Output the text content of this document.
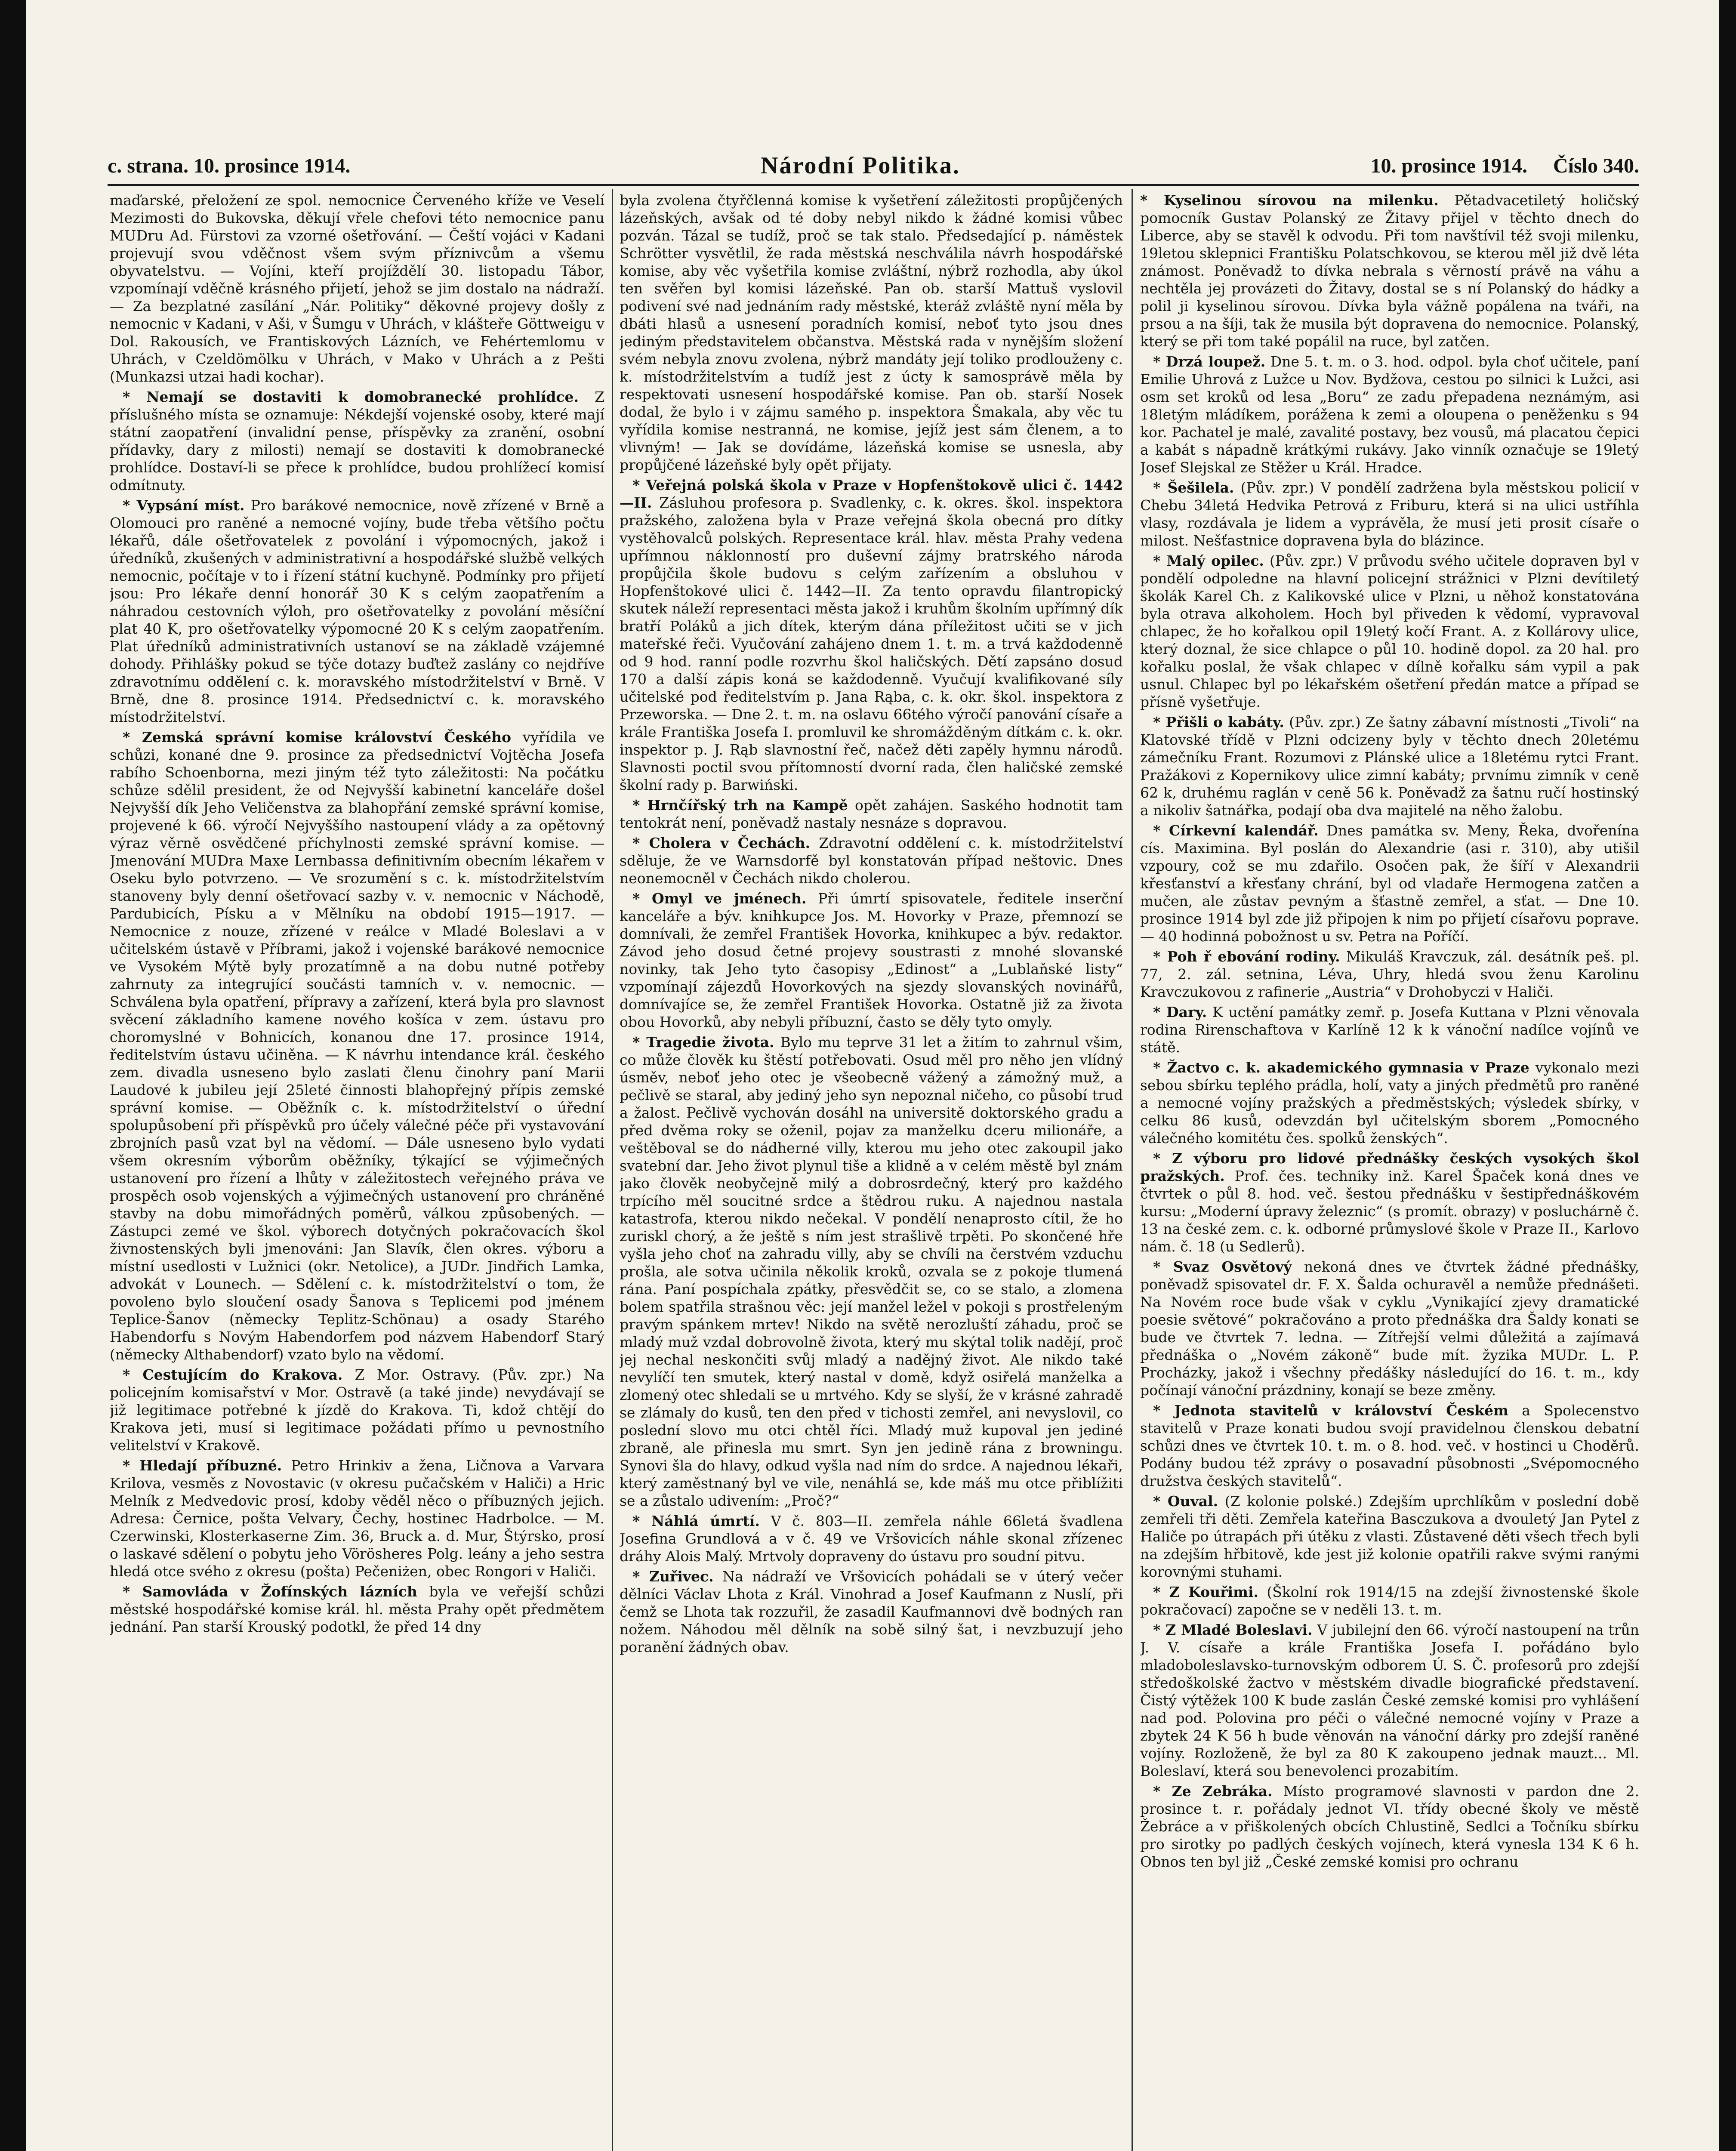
c. strana. 10. prosince 1914.	Národní Politika.	10. prosince 1914. Číslo 340.

maďarské, přeložení ze spol. nemocnice Červeného kříže ve Veselí Mezimosti do Bukovska, děkují vřele chefovi této nemocnice panu MUDru Ad. Fürstovi za vzorné ošetřování. — Čeští vojáci v Kadani projevují svou vděčnost všem svým příznivcům a všemu obyvatelstvu. — Vojíni, kteří projíždělí 30. listopadu Tábor, vzpomínají vděčně krásného přijetí, jehož se jim dostalo na nádraží. — Za bezplatné zasílání „Nár. Politiky“ děkovné projevy došly z nemocnic v Kadani, v Aši, v Šumgu v Uhrách, v klášteře Göttweigu v Dol. Rakousích, ve Frantiskových Lázních, ve Fehértemlomu v Uhrách, v Czeldömölku v Uhrách, v Mako v Uhrách a z Pešti (Munkazsi utzai hadi kochar).

* Nemají se dostaviti k domobranecké prohlídce. Z příslušného místa se oznamuje: Nékdejší vojenské osoby, které mají státní zaopatření (invalidní pense, příspěvky za zranění, osobní přídavky, dary z milosti) nemají se dostaviti k domobranecké prohlídce. Dostaví-li se přece k prohlídce, budou prohlížecí komisí odmítnuty.

* Vypsání míst. Pro barákové nemocnice, nově zřízené v Brně a Olomouci pro raněné a nemocné vojíny, bude třeba většího počtu lékařů, dále ošetřovatelek z povolání i výpomocných, jakož i úředníků, zkušených v administrativní a hospodářské službě velkých nemocnic, počítaje v to i řízení státní kuchyně. Podmínky pro přijetí jsou: Pro lékaře denní honorář 30 K s celým zaopatřením a náhradou cestovních výloh, pro ošetřovatelky z povolání měsíční plat 40 K, pro ošetřovatelky výpomocné 20 K s celým zaopatřením. Plat úředníků administrativních ustanoví se na základě vzájemné dohody. Přihlášky pokud se týče dotazy buďtež zaslány co nejdříve zdravotnímu oddělení c. k. moravského místodržitelství v Brně. V Brně, dne 8. prosince 1914. Předsednictví c. k. moravského místodržitelství.

* Zemská správní komise království Českého vyřídila ve schůzi, konané dne 9. prosince za předsednictví Vojtěcha Josefa rabího Schoenborna, mezi jiným též tyto záležitosti: Na počátku schůze sdělil president, že od Nejvyšší kabinetní kanceláře došel Nejvyšší dík Jeho Veličenstva za blahopřání zemské správní komise, projevené k 66. výročí Nejvyššího nastoupení vlády a za opětovný výraz věrně osvědčené příchylnosti zemské správní komise. — Jmenování MUDra Maxe Lernbassa definitivním obecním lékařem v Oseku bylo potvrzeno. — Ve srozumění s c. k. místodržitelstvím stanoveny byly denní ošetřovací sazby v. v. nemocnic v Náchodě, Pardubicích, Písku a v Mělníku na období 1915—1917. — Nemocnice z nouze, zřízené v reálce v Mladé Boleslavi a v učitelském ústavě v Příbrami, jakož i vojenské barákové nemocnice ve Vysokém Mýtě byly prozatímně a na dobu nutné potřeby zahrnuty za integrující součásti tamních v. v. nemocnic. — Schválena byla opatření, přípravy a zařízení, která byla pro slavnost svěcení základního kamene nového košíca v zem. ústavu pro choromyslné v Bohnicích, konanou dne 17. prosince 1914, ředitelstvím ústavu učiněna. — K návrhu intendance král. českého zem. divadla usneseno bylo zaslati členu činohry paní Marii Laudové k jubileu její 25leté činnosti blahopřejný přípis zemské správní komise. — Oběžník c. k. místodržitelství o úřední spolupůsobení při příspěvků pro účely válečné péče při vystavování zbrojních pasů vzat byl na vědomí. — Dále usneseno bylo vydati všem okresním výborům oběžníky, týkající se výjimečných ustanovení pro řízení a lhůty v záležitostech veřejného práva ve prospěch osob vojenských a výjimečných ustanovení pro chráněné stavby na dobu mimořádných poměrů, válkou způsobených. — Zástupci zemé ve škol. výborech dotyčných pokračovacích škol živnostenských byli jmenováni: Jan Slavík, člen okres. výboru a místní usedlosti v Lužnici (okr. Netolice), a JUDr. Jindřich Lamka, advokát v Lounech. — Sdělení c. k. místodržitelství o tom, že povoleno bylo sloučení osady Šanova s Teplicemi pod jménem Teplice-Šanov (německy Teplitz-Schönau) a osady Starého Habendorfu s Novým Habendorfem pod názvem Habendorf Starý (německy Althabendorf) vzato bylo na vědomí.

* Cestujícím do Krakova. Z Mor. Ostravy. (Pův. zpr.) Na policejním komisařství v Mor. Ostravě (a také jinde) nevydávají se již legitimace potřebné k jízdě do Krakova. Ti, kdož chtějí do Krakova jeti, musí si legitimace požádati přímo u pevnostního velitelství v Krakově.

* Hledají příbuzné. Petro Hrinkiv a žena, Ličnova a Varvara Krilova, vesměs z Novostavic (v okresu pučačském v Haliči) a Hric Melník z Medvedovic prosí, kdoby věděl něco o příbuzných jejich. Adresa: Černice, pošta Velvary, Čechy, hostinec Hadrbolce. — M. Czerwinski, Klosterkaserne Zim. 36, Bruck a. d. Mur, Štýrsko, prosí o laskavé sdělení o pobytu jeho Vörösheres Polg. leány a jeho sestra hledá otce svého z okresu (pošta) Pečeniżen, obec Rongori v Haliči.

* Samovláda v Žofínských lázních byla ve veřejší schůzi městské hospodářské komise král. hl. města Prahy opět předmětem jednání. Pan starší Krouský podotkl, že před 14 dny

byla zvolena čtyřčlenná komise k vyšetření záležitosti propůjčených lázeňských, avšak od té doby nebyl nikdo k žádné komisi vůbec pozván. Tázal se tudíž, proč se tak stalo. Předsedající p. náměstek Schrötter vysvětlil, že rada městská neschválila návrh hospodářské komise, aby věc vyšetřila komise zvláštní, nýbrž rozhodla, aby úkol ten svěřen byl komisi lázeňské. Pan ob. starší Mattuš vyslovil podivení své nad jednáním rady městské, kteráž zvláště nyní měla by dbáti hlasů a usnesení poradních komisí, neboť tyto jsou dnes jediným představitelem občanstva. Městská rada v nynějším složení svém nebyla znovu zvolena, nýbrž mandáty její toliko prodlouženy c. k. místodržitelstvím a tudíž jest z úcty k samosprávě měla by respektovati usnesení hospodářské komise. Pan ob. starší Nosek dodal, že bylo i v zájmu samého p. inspektora Šmakala, aby věc tu vyřídila komise nestranná, ne komise, jejíž jest sám členem, a to vlivným! — Jak se dovídáme, lázeňská komise se usnesla, aby propůjčené lázeňské byly opět přijaty.

* Veřejná polská škola v Praze v Hopfenštokově ulici č. 1442—II. Zásluhou profesora p. Svadlenky, c. k. okres. škol. inspektora pražského, založena byla v Praze veřejná škola obecná pro dítky vystěhovalců polských. Representace král. hlav. města Prahy vedena upřímnou náklonností pro duševní zájmy bratrského národa propůjčila škole budovu s celým zařízením a obsluhou v Hopfenštokové ulici č. 1442—II. Za tento opravdu filantropický skutek náleží representaci města jakož i kruhům školním upřímný dík bratří Poláků a jich dítek, kterým dána příležitost učiti se v jich mateřské řeči. Vyučování zahájeno dnem 1. t. m. a trvá každodenně od 9 hod. ranní podle rozvrhu škol haličských. Dětí zapsáno dosud 170 a další zápis koná se každodenně. Vyučují kvalifikované síly učitelské pod ředitelstvím p. Jana Rąba, c. k. okr. škol. inspektora z Przeworska. — Dne 2. t. m. na oslavu 66tého výročí panování císaře a krále Františka Josefa I. promluvil ke shromážděným dítkám c. k. okr. inspektor p. J. Rąb slavnostní řeč, načež děti zapěly hymnu národů. Slavnosti poctil svou přítomností dvorní rada, člen haličské zemské školní rady p. Barwiński.

* Hrnčířský trh na Kampě opět zahájen. Saského hodnotit tam tentokrát není, poněvadž nastaly nesnáze s dopravou.

* Cholera v Čechách. Zdravotní oddělení c. k. místodržitelství sděluje, že ve Warnsdorfě byl konstatován případ neštovic. Dnes neonemocněl v Čechách nikdo cholerou.

* Omyl ve jménech. Při úmrtí spisovatele, ředitele inserční kanceláře a býv. knihkupce Jos. M. Hovorky v Praze, přemnozí se domnívali, že zemřel František Hovorka, knihkupec a býv. redaktor. Závod jeho dosud četné projevy soustrasti z mnohé slovanské novinky, tak Jeho tyto časopisy „Edinost“ a „Lublaňské listy“ vzpomínají zájezdů Hovorkových na sjezdy slovanských novinářů, domnívajíce se, že zemřel František Hovorka. Ostatně již za života obou Hovorků, aby nebyli příbuzní, často se děly tyto omyly.

* Tragedie života. Bylo mu teprve 31 let a žitím to zahrnul všim, co může člověk ku štěstí potřebovati. Osud měl pro něho jen vlídný úsměv, neboť jeho otec je všeobecně vážený a zámožný muž, a pečlivě se staral, aby jediný jeho syn nepoznal ničeho, co působí trud a žalost. Pečlivě vychován dosáhl na universitě doktorského gradu a před dvěma roky se oženil, pojav za manželku dceru milionáře, a veštěboval se do nádherné villy, kterou mu jeho otec zakoupil jako svatební dar. Jeho život plynul tiše a klidně a v celém městě byl znám jako člověk neobyčejně milý a dobrosrdečný, který pro každého trpícího měl soucitné srdce a štědrou ruku. A najednou nastala katastrofa, kterou nikdo nečekal. V pondělí nenaprosto cítil, že ho zuriskl chorý, a že ještě s ním jest strašlivě trpěti. Po skončené hře vyšla jeho choť na zahradu villy, aby se chvíli na čerstvém vzduchu prošla, ale sotva učinila několik kroků, ozvala se z pokoje tlumená rána. Paní pospíchala zpátky, přesvědčit se, co se stalo, a zlomena bolem spatřila strašnou věc: její manžel ležel v pokoji s prostřeleným pravým spánkem mrtev! Nikdo na světě nerozluští záhadu, proč se mladý muž vzdal dobrovolně života, který mu skýtal tolik nadějí, proč jej nechal neskončiti svůj mladý a nadějný život. Ale nikdo také nevylíčí ten smutek, který nastal v domě, když osiřelá manželka a zlomený otec shledali se u mrtvého. Kdy se slyší, že v krásné zahradě se zlámaly do kusů, ten den před v tichosti zemřel, ani nevyslovil, co poslední slovo mu otci chtěl říci. Mladý muž kupoval jen jediné zbraně, ale přinesla mu smrt. Syn jen jedině rána z browningu. Synovi šla do hlavy, odkud vyšla nad ním do srdce. A najednou lékaři, který zaměstnaný byl ve vile, nenáhlá se, kde máš mu otce přiblížiti se a zůstalo udivením: „Proč?“

* Náhlá úmrtí. V č. 803—II. zemřela náhle 66letá švadlena Josefina Grundlová a v č. 49 ve Vršovicích náhle skonal zřízenec dráhy Alois Malý. Mrtvoly dopraveny do ústavu pro soudní pitvu.

* Zuřivec. Na nádraží ve Vršovicích pohádali se v úterý večer dělníci Václav Lhota z Král. Vinohrad a Josef Kaufmann z Nuslí, při čemž se Lhota tak rozzuřil, že zasadil Kaufmannovi dvě bodných ran nožem. Náhodou měl dělník na sobě silný šat, i nevzbuzují jeho poranění žádných obav.

* Kyselinou sírovou na milenku. Pětadvacetiletý holičský pomocník Gustav Polanský ze Žitavy přijel v těchto dnech do Liberce, aby se stavěl k odvodu. Při tom navštívil též svoji milenku, 19letou sklepnici Františku Polatschkovou, se kterou měl již dvě léta známost. Poněvadž to dívka nebrala s věrností právě na váhu a nechtěla jej provázeti do Žitavy, dostal se s ní Polanský do hádky a polil ji kyselinou sírovou. Dívka byla vážně popálena na tváři, na prsou a na šíji, tak že musila být dopravena do nemocnice. Polanský, který se při tom také popálil na ruce, byl zatčen.

* Drzá loupež. Dne 5. t. m. o 3. hod. odpol. byla choť učitele, paní Emilie Uhrová z Lužce u Nov. Bydžova, cestou po silnici k Lužci, asi osm set kroků od lesa „Boru“ ze zadu přepadena neznámým, asi 18letým mládíkem, porážena k zemi a oloupena o peněženku s 94 kor. Pachatel je malé, zavalité postavy, bez vousů, má placatou čepici a kabát s nápadně krátkými rukávy. Jako vinník označuje se 19letý Josef Slejskal ze Stěžer u Král. Hradce.

* Šešilela. (Pův. zpr.) V pondělí zadržena byla městskou policií v Chebu 34letá Hedvika Petrová z Friburu, která si na ulici ustříhla vlasy, rozdávala je lidem a vyprávěla, že musí jeti prosit císaře o milost. Nešťastnice dopravena byla do blázince.

* Malý opilec. (Pův. zpr.) V průvodu svého učitele dopraven byl v pondělí odpoledne na hlavní policejní strážnici v Plzni devítiletý školák Karel Ch. z Kalikovské ulice v Plzni, u něhož konstatována byla otrava alkoholem. Hoch byl přiveden k vědomí, vypravoval chlapec, že ho kořalkou opil 19letý kočí Frant. A. z Kollárovy ulice, který doznal, že sice chlapce o půl 10. hodině dopol. za 20 hal. pro kořalku poslal, že však chlapec v dílně kořalku sám vypil a pak usnul. Chlapec byl po lékařském ošetření předán matce a případ se přísně vyšetřuje.

* Přišli o kabáty. (Pův. zpr.) Ze šatny zábavní místnosti „Tivoli“ na Klatovské třídě v Plzni odcizeny byly v těchto dnech 20letému zámečníku Frant. Rozumovi z Plánské ulice a 18letému rytci Frant. Pražákovi z Kopernikovy ulice zimní kabáty; prvnímu zimník v ceně 62 k, druhému raglán v ceně 56 k. Poněvadž za šatnu ručí hostinský a nikoliv šatnářka, podají oba dva majitelé na něho žalobu.

* Církevní kalendář. Dnes památka sv. Meny, Řeka, dvořenína cís. Maximina. Byl poslán do Alexandrie (asi r. 310), aby utišil vzpoury, což se mu zdařilo. Osočen pak, že šíří v Alexandrii křesťanství a křesťany chrání, byl od vladaře Hermogena zatčen a mučen, ale zůstav pevným a šťastně zemřel, a sťat. — Dne 10. prosince 1914 byl zde již připojen k nim po přijetí císařovu poprave. — 40 hodinná pobožnost u sv. Petra na Poříčí.

* Poh ř ebování rodiny. Mikuláš Kravczuk, zál. desátník peš. pl. 77, 2. zál. setnina, Léva, Uhry, hledá svou ženu Karolinu Kravczukovou z rafinerie „Austria“ v Drohobyczi v Haliči.

* Dary. K uctění památky zemř. p. Josefa Kuttana v Plzni věnovala rodina Rirenschaftova v Karlíně 12 k k vánoční nadílce vojínů ve státě.

* Žactvo c. k. akademického gymnasia v Praze vykonalo mezi sebou sbírku teplého prádla, holí, vaty a jiných předmětů pro raněné a nemocné vojíny pražských a předměstských; výsledek sbírky, v celku 86 kusů, odevzdán byl učitelským sborem „Pomocného válečného komitétu čes. spolků ženských“.

* Z výboru pro lidové přednášky českých vysokých škol pražských. Prof. čes. techniky inž. Karel Špaček koná dnes ve čtvrtek o půl 8. hod. več. šestou přednášku v šestipřednáškovém kursu: „Moderní úpravy železnic“ (s promít. obrazy) v posluchárně č. 13 na české zem. c. k. odborné průmyslové škole v Praze II., Karlovo nám. č. 18 (u Sedlerů).

* Svaz Osvětový nekoná dnes ve čtvrtek žádné přednášky, poněvadž spisovatel dr. F. X. Šalda ochuravěl a nemůže přednášeti. Na Novém roce bude však v cyklu „Vynikající zjevy dramatické poesie světové“ pokračováno a proto přednáška dra Šaldy konati se bude ve čtvrtek 7. ledna. — Zítřejší velmi důležitá a zajímavá přednáška o „Novém zákoně“ bude mít. žyzika MUDr. L. P. Procházky, jakož i všechny předášky následující do 16. t. m., kdy počínají vánoční prázdniny, konají se beze změny.

* Jednota stavitelů v království Českém a Spolecenstvo stavitelů v Praze konati budou svojí pravidelnou členskou debatní schůzi dnes ve čtvrtek 10. t. m. o 8. hod. več. v hostinci u Choděrů. Podány budou též zprávy o posavadní působnosti „Svépomocného družstva českých stavitelů“.

* Ouval. (Z kolonie polské.) Zdejším uprchlíkům v poslední době zemřeli tři děti. Zemřela kateřina Basczukova a dvouletý Jan Pytel z Haliče po útrapách při útěku z vlasti. Zůstavené děti všech třech byli na zdejším hřbitově, kde jest již kolonie opatřili rakve svými ranými korovnými stuhami.

* Z Kouřimi. (Školní rok 1914/15 na zdejší živnostenské škole pokračovací) započne se v neděli 13. t. m.

* Z Mladé Boleslavi. V jubilejní den 66. výročí nastoupení na trůn J. V. císaře a krále Františka Josefa I. pořádáno bylo mladoboleslavsko-turnovským odborem Ú. S. Č. profesorů pro zdejší středoškolské žactvo v městském divadle biografické představení. Čistý výtěžek 100 K bude zaslán České zemské komisi pro vyhlášení nad pod. Polovina pro péči o válečné nemocné vojíny v Praze a zbytek 24 K 56 h bude věnován na vánoční dárky pro zdejší raněné vojíny. Rozloženě, že byl za 80 K zakoupeno jednak mauzt... Ml. Boleslaví, která sou benevolenci prozabitím.

* Ze Zebráka. Místo programové slavnosti v pardon dne 2. prosince t. r. pořádaly jednot VI. třídy obecné školy ve městě Žebráce a v přiškolených obcích Chlustině, Sedlci a Točníku sbírku pro sirotky po padlých českých vojínech, která vynesla 134 K 6 h. Obnos ten byl již „České zemské komisi pro ochranu
